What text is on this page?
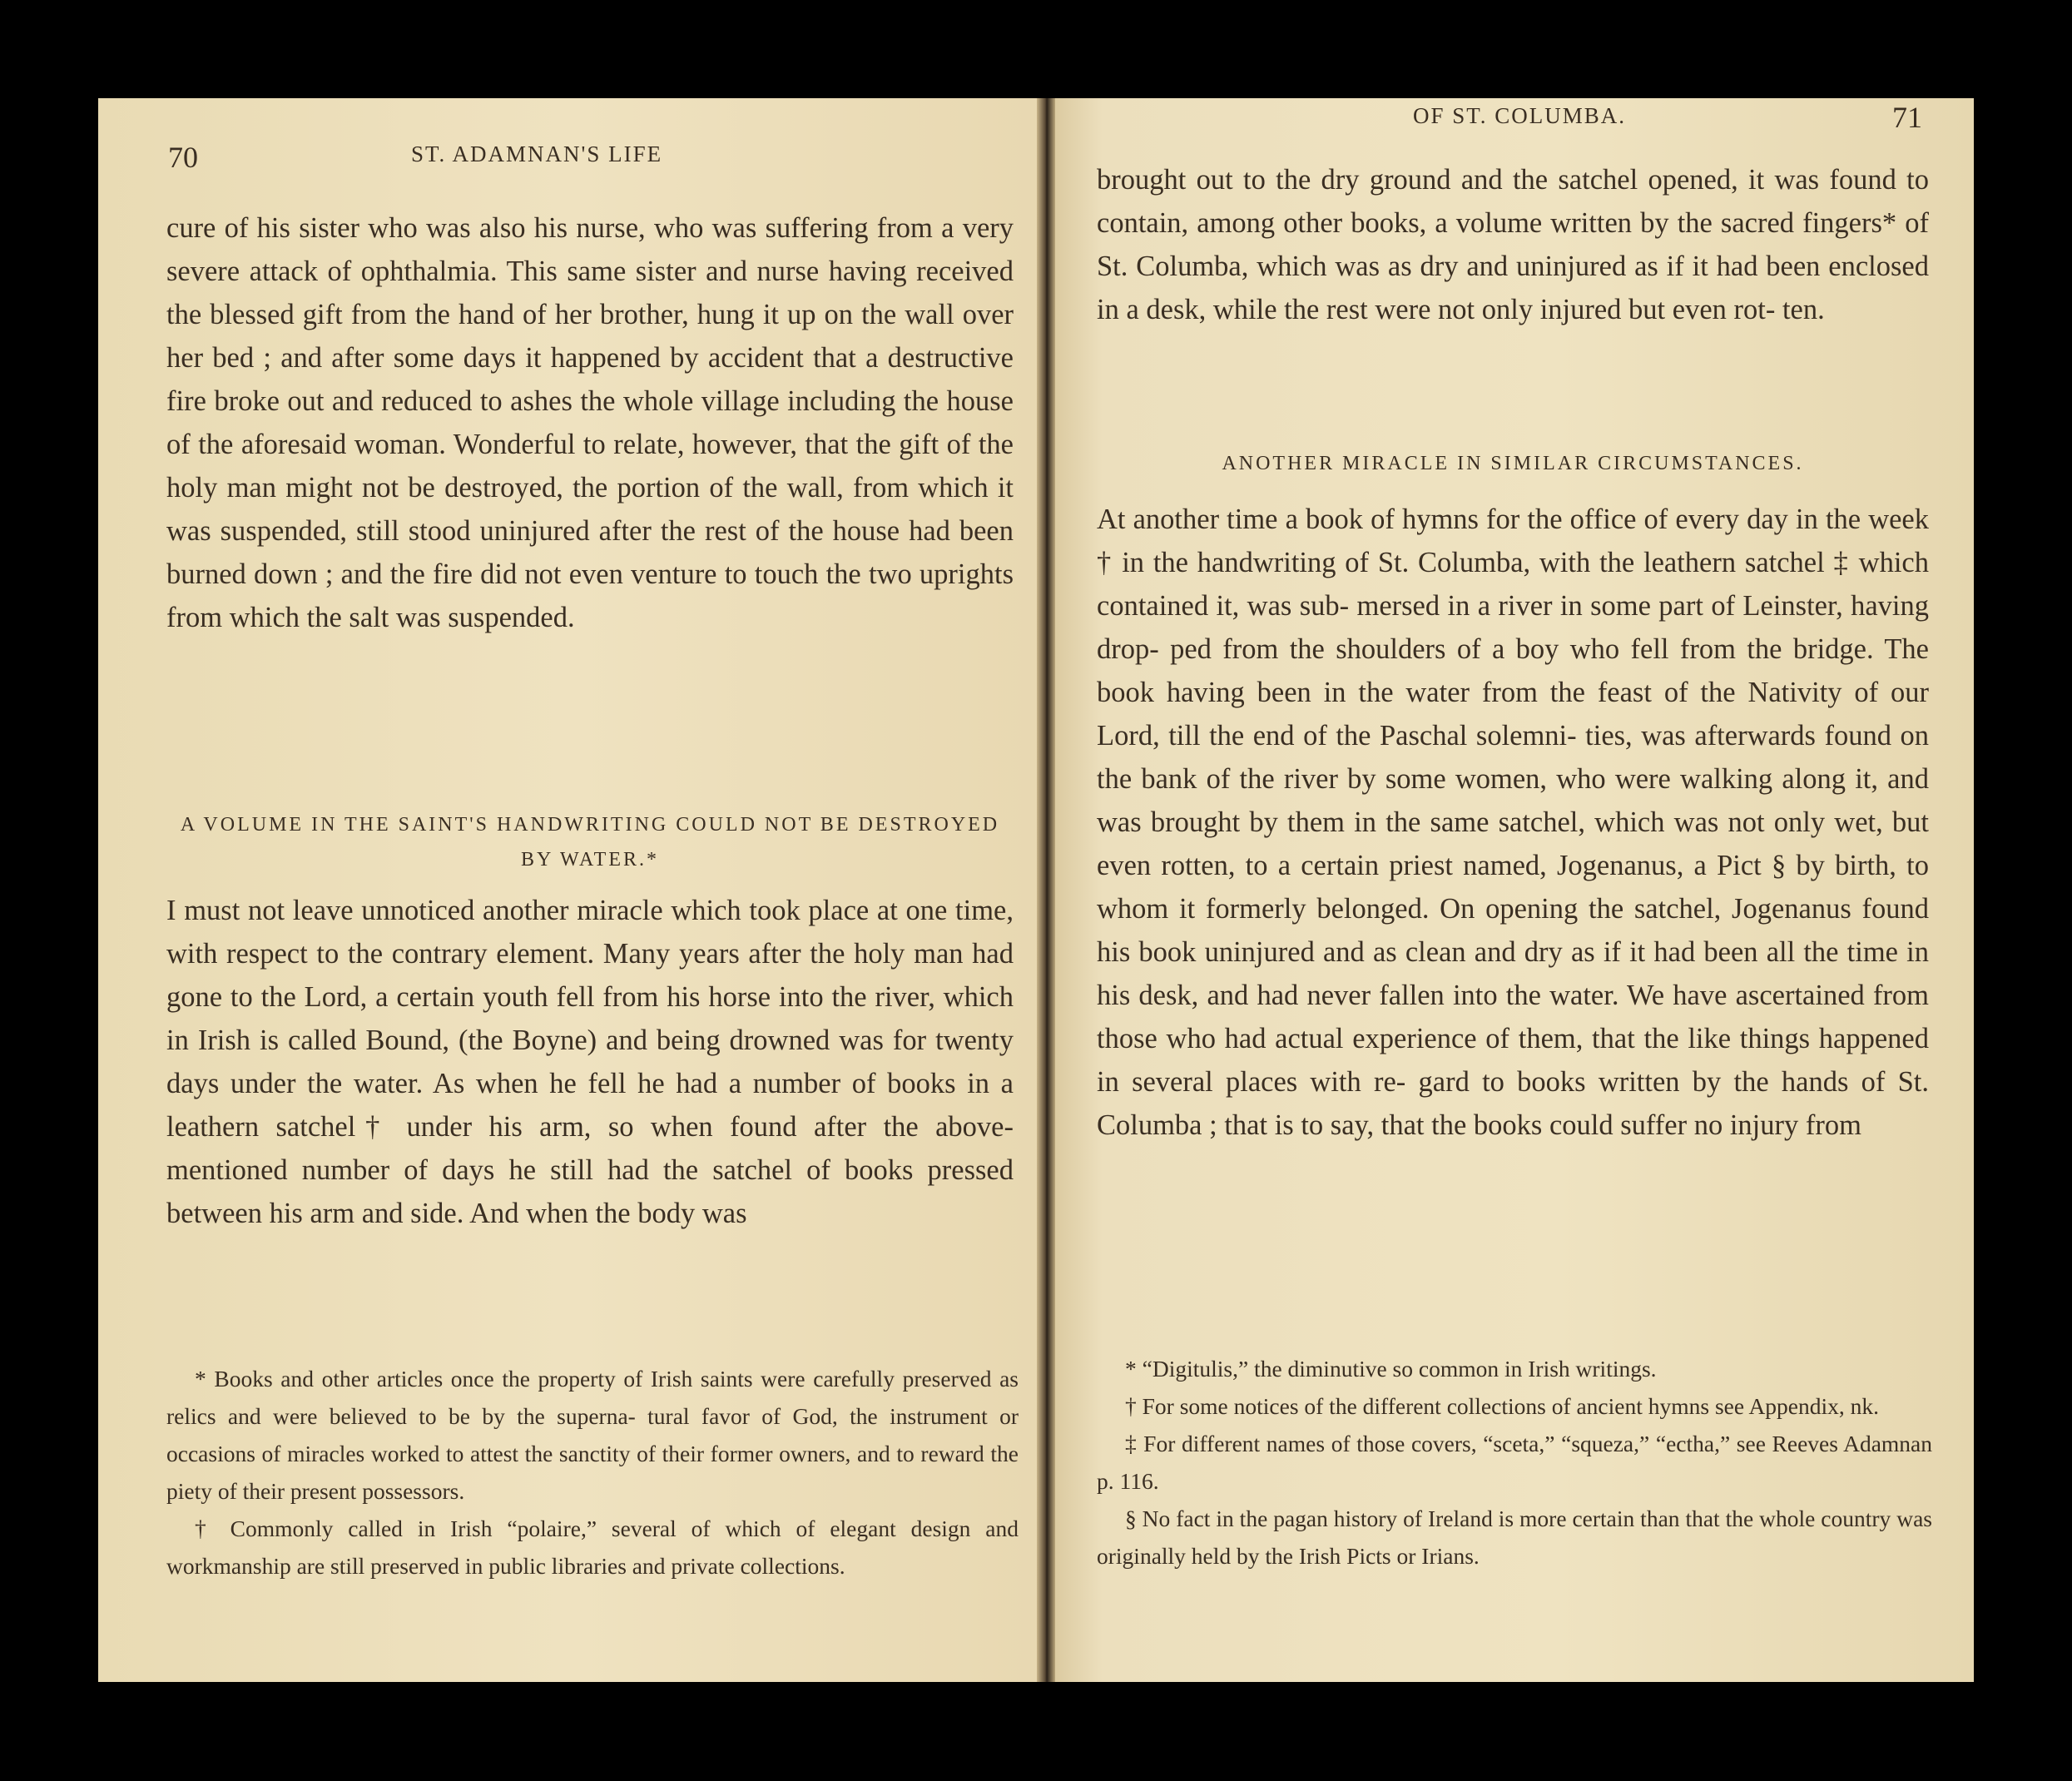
70	ST. ADAMNAN'S LIFE

cure of his sister who was also his nurse, who was suffering from a very severe attack of ophthalmia. This same sister and nurse having received the blessed gift from the hand of her brother, hung it up on the wall over her bed ; and after some days it happened by accident that a destructive fire broke out and reduced to ashes the whole village including the house of the aforesaid woman. Wonderful to relate, however, that the gift of the holy man might not be destroyed, the portion of the wall, from which it was suspended, still stood uninjured after the rest of the house had been burned down ; and the fire did not even venture to touch the two uprights from which the salt was suspended.

A VOLUME IN THE SAINT'S HANDWRITING COULD NOT BE DESTROYED BY WATER.*

I must not leave unnoticed another miracle which took place at one time, with respect to the contrary element. Many years after the holy man had gone to the Lord, a certain youth fell from his horse into the river, which in Irish is called Bound, (the Boyne) and being drowned was for twenty days under the water. As when he fell he had a number of books in a leathern satchel† under his arm, so when found after the above-mentioned number of days he still had the satchel of books pressed between his arm and side. And when the body was

* Books and other articles once the property of Irish saints were carefully preserved as relics and were believed to be by the superna- tural favor of God, the instrument or occasions of miracles worked to attest the sanctity of their former owners, and to reward the piety of their present possessors.

† Commonly called in Irish “polaire,” several of which of elegant design and workmanship are still preserved in public libraries and private collections.

OF ST. COLUMBA.	71

brought out to the dry ground and the satchel opened, it was found to contain, among other books, a volume written by the sacred fingers* of St. Columba, which was as dry and uninjured as if it had been enclosed in a desk, while the rest were not only injured but even rot- ten.

ANOTHER MIRACLE IN SIMILAR CIRCUMSTANCES.

At another time a book of hymns for the office of every day in the week † in the handwriting of St. Columba, with the leathern satchel ‡ which contained it, was sub- mersed in a river in some part of Leinster, having drop- ped from the shoulders of a boy who fell from the bridge. The book having been in the water from the feast of the Nativity of our Lord, till the end of the Paschal solemni- ties, was afterwards found on the bank of the river by some women, who were walking along it, and was brought by them in the same satchel, which was not only wet, but even rotten, to a certain priest named, Jogenanus, a Pict § by birth, to whom it formerly belonged. On opening the satchel, Jogenanus found his book uninjured and as clean and dry as if it had been all the time in his desk, and had never fallen into the water. We have ascertained from those who had actual experience of them, that the like things happened in several places with re- gard to books written by the hands of St. Columba ; that is to say, that the books could suffer no injury from

* “Digitulis,” the diminutive so common in Irish writings.

† For some notices of the different collections of ancient hymns see Appendix, nk.

‡ For different names of those covers, “sceta,” “squeza,” “ectha,” see Reeves Adamnan p. 116.

§ No fact in the pagan history of Ireland is more certain than that the whole country was originally held by the Irish Picts or Irians.
